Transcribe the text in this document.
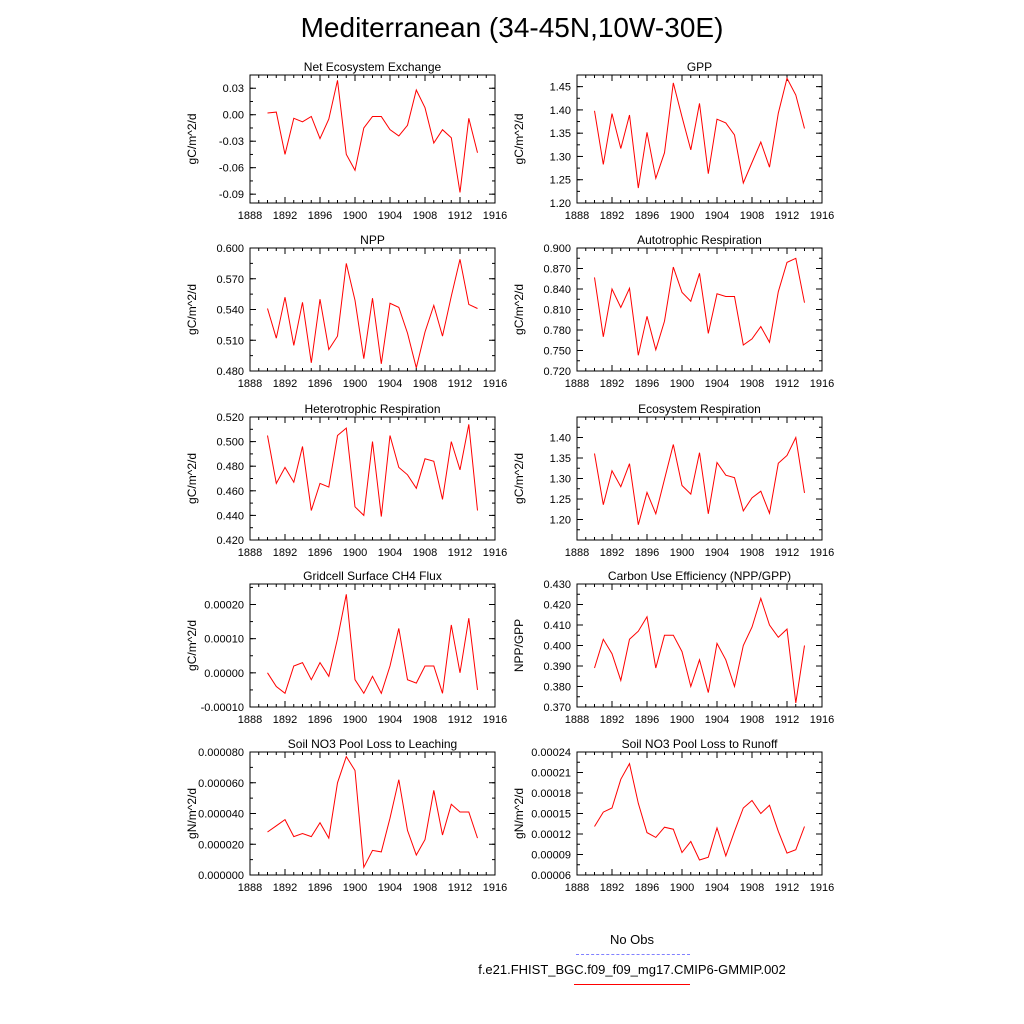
Mediterranean (34-45N,10W-30E)
Net Ecosystem Exchange
gC/m^2/d
1888 1892 1896 1900 1904 1908 1912 1916
0.03
0.00
-0.03
-0.06
-0.09
GPP
gC/m^2/d
1888 1892 1896 1900 1904 1908 1912 1916
1.20
1.25
1.30
1.35
1.40
1.45
NPP
gC/m^2/d
1888 1892 1896 1900 1904 1908 1912 1916
0.600
0.570
0.540
0.510
0.480
Autotrophic Respiration
gC/m^2/d
1888 1892 1896 1900 1904 1908 1912 1916
0.900
0.870
0.840
0.810
0.780
0.750
0.720
Heterotrophic Respiration
gC/m^2/d
1888 1892 1896 1900 1904 1908 1912 1916
0.520
0.500
0.480
0.460
0.440
0.420
Ecosystem Respiration
gC/m^2/d
1888 1892 1896 1900 1904 1908 1912 1916
1.40
1.35
1.30
1.25
1.20
Gridcell Surface CH4 Flux
gC/m^2/d
1888 1892 1896 1900 1904 1908 1912 1916
0.00020
0.00010
0.00000
-0.00010
Carbon Use Efficiency (NPP/GPP)
NPP/GPP
1888 1892 1896 1900 1904 1908 1912 1916
0.430
0.420
0.410
0.400
0.390
0.380
0.370
Soil NO3 Pool Loss to Leaching
gN/m^2/d
1888 1892 1896 1900 1904 1908 1912 1916
0.000080
0.000060
0.000040
0.000020
0.000000
Soil NO3 Pool Loss to Runoff
gN/m^2/d
1888 1892 1896 1900 1904 1908 1912 1916
0.00024
0.00021
0.00018
0.00015
0.00012
0.00009
0.00006
No Obs
f.e21.FHIST_BGC.f09_f09_mg17.CMIP6-GMMIP.002
